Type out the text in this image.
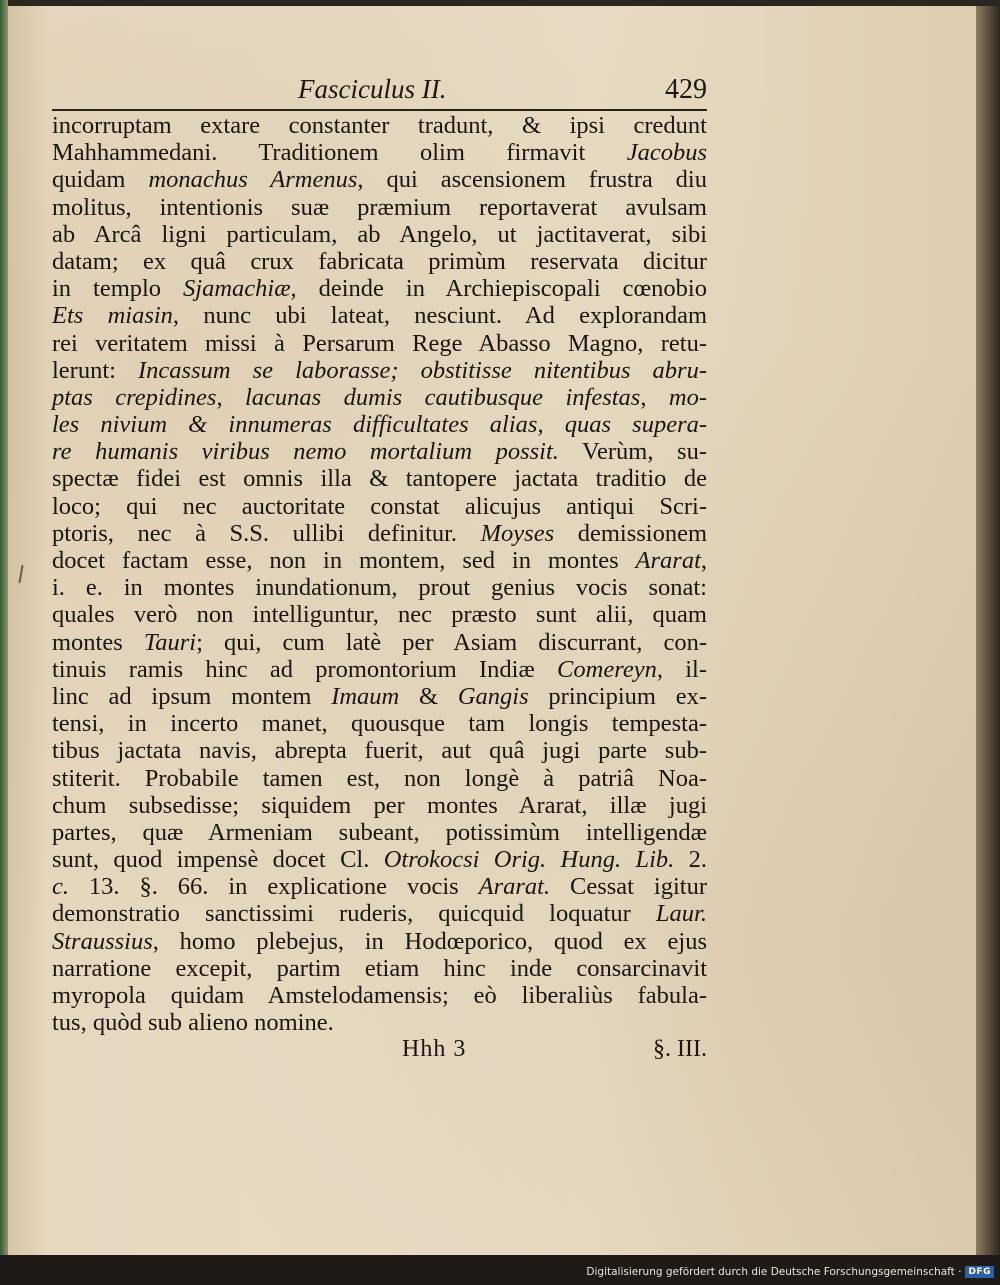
Fasciculus II.	429
incorruptam extare constanter tradunt, & ipsi credunt
Mahhammedani. Traditionem olim firmavit Jacobus
quidam monachus Armenus, qui ascensionem frustra diu
molitus, intentionis suæ præmium reportaverat avulsam
ab Arcâ ligni particulam, ab Angelo, ut jactitaverat, sibi
datam; ex quâ crux fabricata primùm reservata dicitur
in templo Sjamachiæ, deinde in Archiepiscopali cœnobio
Ets miasin, nunc ubi lateat, nesciunt. Ad explorandam
rei veritatem missi à Persarum Rege Abasso Magno, retu-
lerunt: Incassum se laborasse; obstitisse nitentibus abru-
ptas crepidines, lacunas dumis cautibusque infestas, mo-
les nivium & innumeras difficultates alias, quas supera-
re humanis viribus nemo mortalium possit. Verùm, su-
spectæ fidei est omnis illa & tantopere jactata traditio de
loco; qui nec auctoritate constat alicujus antiqui Scri-
ptoris, nec à S.S. ullibi definitur. Moyses demissionem
docet factam esse, non in montem, sed in montes Ararat,
i. e. in montes inundationum, prout genius vocis sonat:
quales verò non intelliguntur, nec præsto sunt alii, quam
montes Tauri; qui, cum latè per Asiam discurrant, con-
tinuis ramis hinc ad promontorium Indiæ Comereyn, il-
linc ad ipsum montem Imaum & Gangis principium ex-
tensi, in incerto manet, quousque tam longis tempesta-
tibus jactata navis, abrepta fuerit, aut quâ jugi parte sub-
stiterit. Probabile tamen est, non longè à patriâ Noa-
chum subsedisse; siquidem per montes Ararat, illæ jugi
partes, quæ Armeniam subeant, potissimùm intelligendæ
sunt, quod impensè docet Cl. Otrokocsi Orig. Hung. Lib. 2.
c. 13. §. 66. in explicatione vocis Ararat. Cessat igitur
demonstratio sanctissimi ruderis, quicquid loquatur Laur.
Straussius, homo plebejus, in Hodœporico, quod ex ejus
narratione excepit, partim etiam hinc inde consarcinavit
myropola quidam Amstelodamensis; eò liberaliùs fabula-
tus, quòd sub alieno nomine.
Hhh 3	§. III.
Digitalisierung gefördert durch die Deutsche Forschungsgemeinschaft · DFG
